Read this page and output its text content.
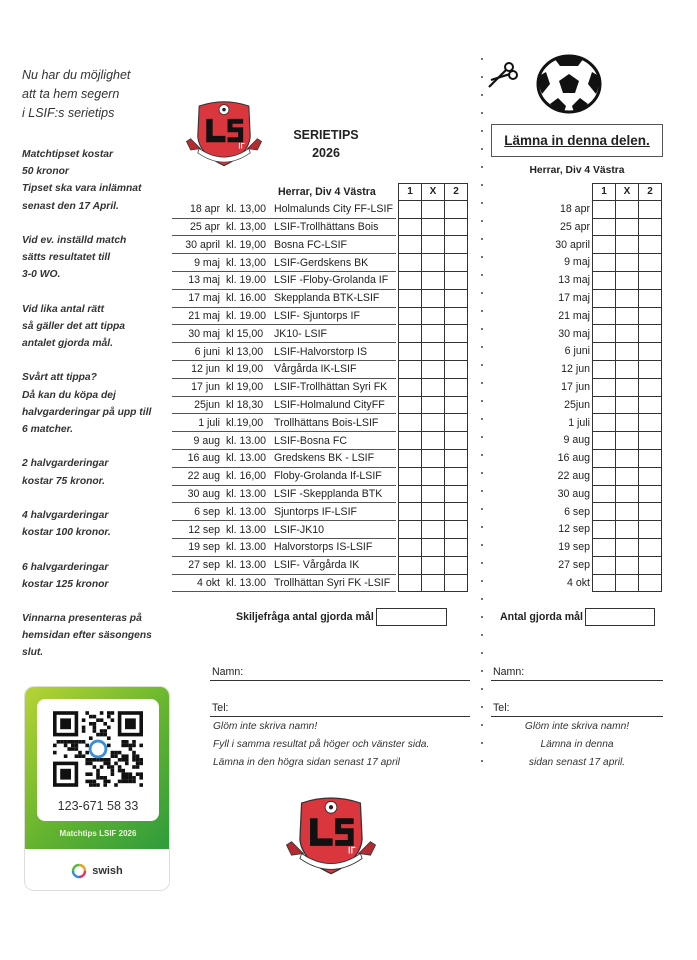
Nu har du möjlighet
att ta hem segern
i LSIF:s serietips
Matchtipset kostar
50 kronor
Tipset ska vara inlämnat
senast den 17 April.
Vid ev. inställd match
sätts resultatet till
3-0 WO.
Vid lika antal rätt
så gäller det att tippa
antalet gjorda mål.
Svårt att tippa?
Då kan du köpa dej
halvgarderingar på upp till
6 matcher.
2 halvgarderingar
kostar 75 kronor.
4 halvgarderingar
kostar 100 kronor.
6 halvgarderingar
kostar 125 kronor
Vinnarna presenteras på
hemsidan efter säsongens
slut.
SERIETIPS
2026
Herrar, Div 4 Västra
18 apr kl. 13,00 Holmalunds City FF-LSIF
25 apr kl. 13,00 LSIF-Trollhättans Bois
30 april kl. 19,00 Bosna FC-LSIF
9 maj kl. 13,00 LSIF-Gerdskens BK
13 maj kl. 19.00 LSIF -Floby-Grolanda IF
17 maj kl. 16.00 Skepplanda BTK-LSIF
21 maj kl. 19.00 LSIF- Sjuntorps IF
30 maj kl 15,00	JK10- LSIF
6 juni kl 13,00	LSIF-Halvorstorp IS
12 jun kl 19,00	Vårgårda IK-LSIF
17 jun kl 19,00	LSIF-Trollhättan Syri FK
25jun kl 18,30	LSIF-Holmalund CityFF
1 juli kl.19,00	Trollhättans Bois-LSIF
9 aug kl. 13.00 LSIF-Bosna FC
16 aug kl. 13.00 Gredskens BK - LSIF
22 aug kl. 16,00 Floby-Grolanda If-LSIF
30 aug kl. 13.00 LSIF -Skepplanda BTK
6 sep kl. 13.00 Sjuntorps IF-LSIF
12 sep kl. 13.00 LSIF-JK10
19 sep kl. 13.00 Halvorstorps IS-LSIF
27 sep kl. 13.00 LSIF- Vårgårda IK
4 okt kl. 13.00 Trollhättan Syri FK -LSIF
1	X	2
Lämna in denna delen.
Herrar, Div 4 Västra
18 apr
25 apr
30 april
9 maj
13 maj
17 maj
21 maj
30 maj
6 juni
12 jun
17 jun
25jun
1 juli
9 aug
16 aug
22 aug
30 aug
6 sep
12 sep
19 sep
27 sep
4 okt
1	X	2
Skiljefråga antal gjorda mål	Antal gjorda mål
Namn:
Tel:
Namn:
Tel:
Glöm inte skriva namn!
Fyll i samma resultat på höger och vänster sida.
Lämna in den högra sidan senast 17 april
Glöm inte skriva namn!
Lämna in denna
sidan senast 17 april.
123-671 58 33
Matchtips LSIF 2026
swish
